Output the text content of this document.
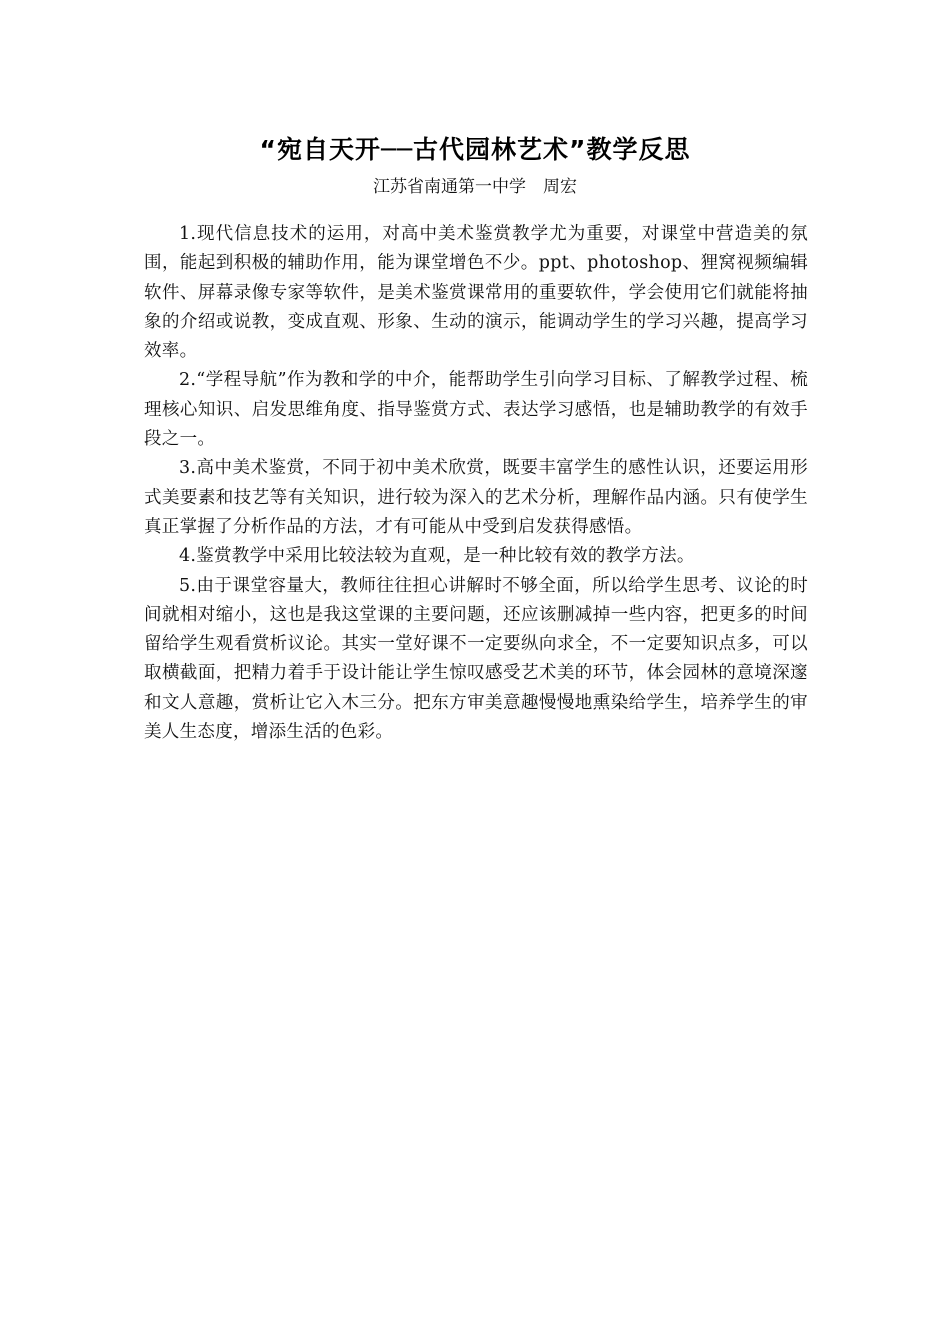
“宛自天开──古代园林艺术”教学反思
江苏省南通第一中学　周宏

1.现代信息技术的运用，对高中美术鉴赏教学尤为重要，对课堂中营造美的氛围，能起到积极的辅助作用，能为课堂增色不少。ppt、photoshop、狸窝视频编辑软件、屏幕录像专家等软件，是美术鉴赏课常用的重要软件，学会使用它们就能将抽象的介绍或说教，变成直观、形象、生动的演示，能调动学生的学习兴趣，提高学习效率。

2.“学程导航”作为教和学的中介，能帮助学生引向学习目标、了解教学过程、梳理核心知识、启发思维角度、指导鉴赏方式、表达学习感悟，也是辅助教学的有效手段之一。

3.高中美术鉴赏，不同于初中美术欣赏，既要丰富学生的感性认识，还要运用形式美要素和技艺等有关知识，进行较为深入的艺术分析，理解作品内涵。只有使学生真正掌握了分析作品的方法，才有可能从中受到启发获得感悟。

4.鉴赏教学中采用比较法较为直观，是一种比较有效的教学方法。

5.由于课堂容量大，教师往往担心讲解时不够全面，所以给学生思考、议论的时间就相对缩小，这也是我这堂课的主要问题，还应该删减掉一些内容，把更多的时间留给学生观看赏析议论。其实一堂好课不一定要纵向求全，不一定要知识点多，可以取横截面，把精力着手于设计能让学生惊叹感受艺术美的环节，体会园林的意境深邃和文人意趣，赏析让它入木三分。把东方审美意趣慢慢地熏染给学生，培养学生的审美人生态度，增添生活的色彩。
